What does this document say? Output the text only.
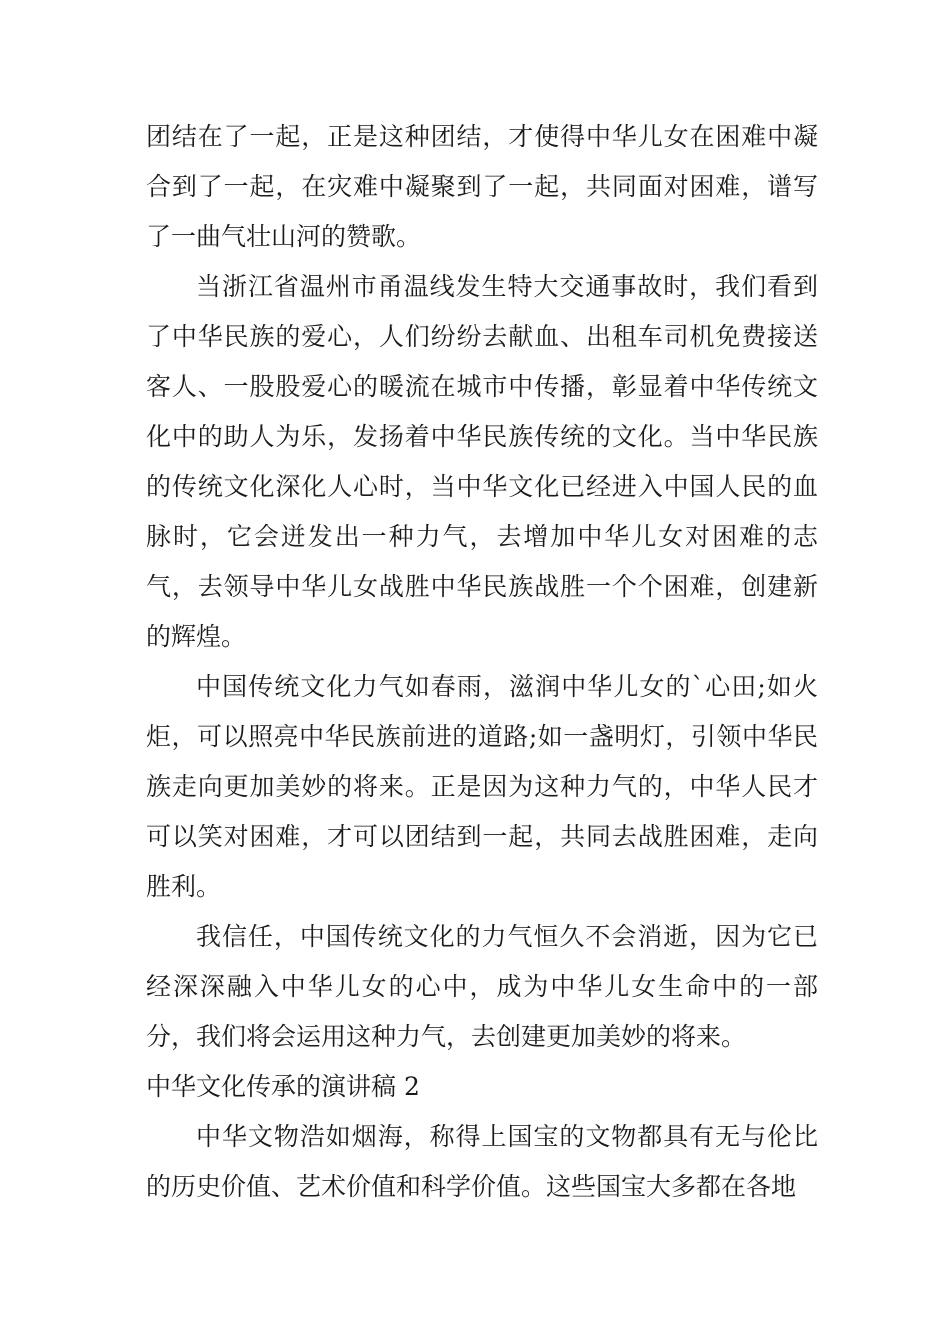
团结在了一起，正是这种团结，才使得中华儿女在困难中凝合到了一起，在灾难中凝聚到了一起，共同面对困难，谱写了一曲气壮山河的赞歌。

当浙江省温州市甬温线发生特大交通事故时，我们看到了中华民族的爱心，人们纷纷去献血、出租车司机免费接送客人、一股股爱心的暖流在城市中传播，彰显着中华传统文化中的助人为乐，发扬着中华民族传统的文化。当中华民族的传统文化深化人心时，当中华文化已经进入中国人民的血脉时，它会迸发出一种力气，去增加中华儿女对困难的志气，去领导中华儿女战胜中华民族战胜一个个困难，创建新的辉煌。

中国传统文化力气如春雨，滋润中华儿女的`心田;如火炬，可以照亮中华民族前进的道路;如一盏明灯，引领中华民族走向更加美妙的将来。正是因为这种力气的，中华人民才可以笑对困难，才可以团结到一起，共同去战胜困难，走向胜利。

我信任，中国传统文化的力气恒久不会消逝，因为它已经深深融入中华儿女的心中，成为中华儿女生命中的一部分，我们将会运用这种力气，去创建更加美妙的将来。

中华文化传承的演讲稿 2

中华文物浩如烟海，称得上国宝的文物都具有无与伦比的历史价值、艺术价值和科学价值。这些国宝大多都在各地
